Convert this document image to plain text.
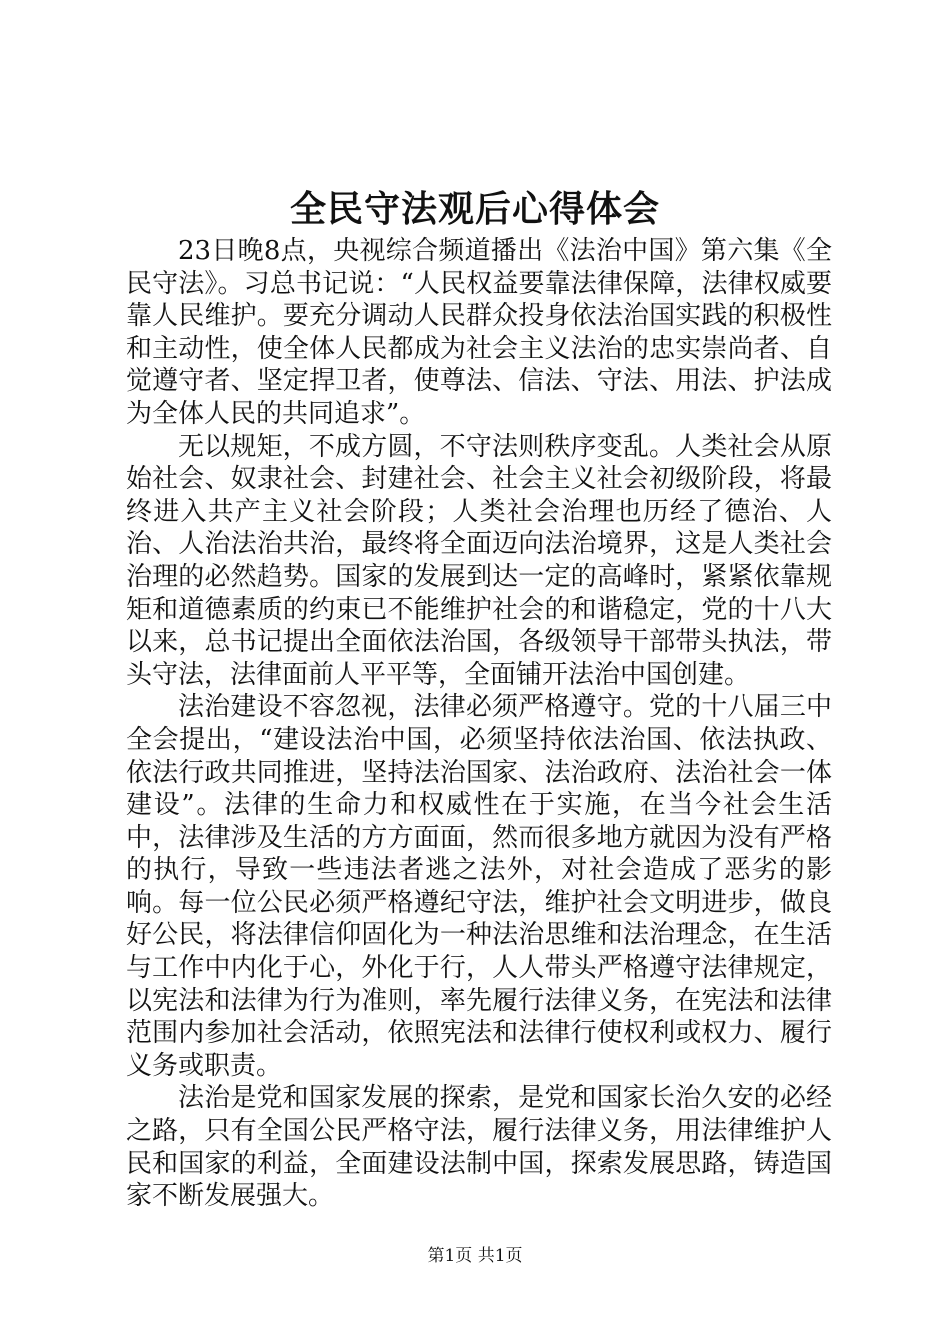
全民守法观后心得体会

23日晚8点，央视综合频道播出《法治中国》第六集《全民守法》。习总书记说：“人民权益要靠法律保障，法律权威要靠人民维护。要充分调动人民群众投身依法治国实践的积极性和主动性，使全体人民都成为社会主义法治的忠实崇尚者、自觉遵守者、坚定捍卫者，使尊法、信法、守法、用法、护法成为全体人民的共同追求”。

无以规矩，不成方圆，不守法则秩序变乱。人类社会从原始社会、奴隶社会、封建社会、社会主义社会初级阶段，将最终进入共产主义社会阶段；人类社会治理也历经了德治、人治、人治法治共治，最终将全面迈向法治境界，这是人类社会治理的必然趋势。国家的发展到达一定的高峰时，紧紧依靠规矩和道德素质的约束已不能维护社会的和谐稳定，党的十八大以来，总书记提出全面依法治国，各级领导干部带头执法，带头守法，法律面前人平平等，全面铺开法治中国创建。

法治建设不容忽视，法律必须严格遵守。党的十八届三中全会提出，“建设法治中国，必须坚持依法治国、依法执政、依法行政共同推进，坚持法治国家、法治政府、法治社会一体建设”。法律的生命力和权威性在于实施，在当今社会生活中，法律涉及生活的方方面面，然而很多地方就因为没有严格的执行，导致一些违法者逃之法外，对社会造成了恶劣的影响。每一位公民必须严格遵纪守法，维护社会文明进步，做良好公民，将法律信仰固化为一种法治思维和法治理念，在生活与工作中内化于心，外化于行，人人带头严格遵守法律规定，以宪法和法律为行为准则，率先履行法律义务，在宪法和法律范围内参加社会活动，依照宪法和法律行使权利或权力、履行义务或职责。

法治是党和国家发展的探索，是党和国家长治久安的必经之路，只有全国公民严格守法，履行法律义务，用法律维护人民和国家的利益，全面建设法制中国，探索发展思路，铸造国家不断发展强大。

第1页 共1页
